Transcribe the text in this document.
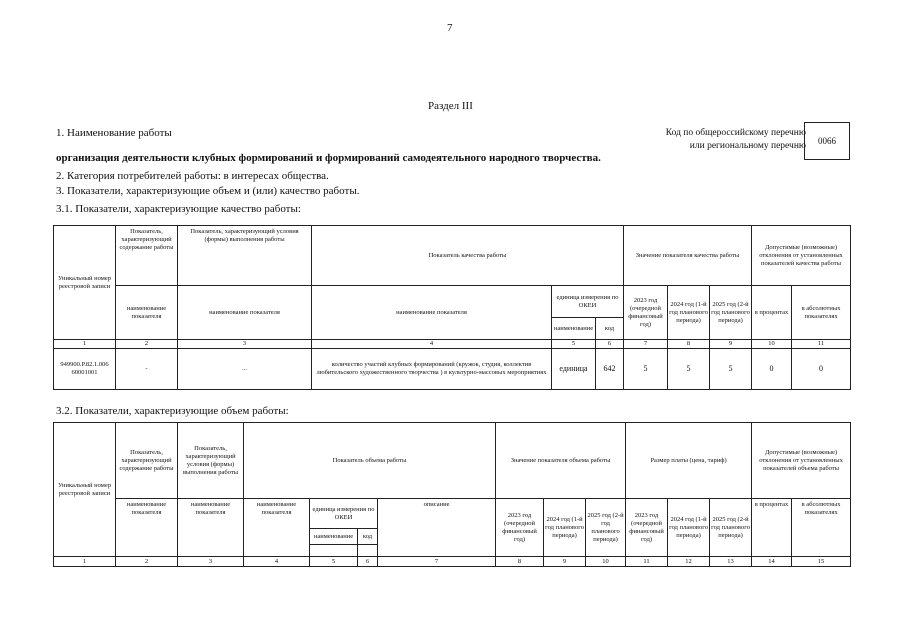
7
Раздел III
1. Наименование работы	Код по общероссийскому перечню или региональному перечню 0066
организация деятельности клубных формирований и формирований самодеятельного народного творчества.
2. Категория потребителей работы: в интересах общества.
3. Показатели, характеризующие объем и (или) качество работы.
3.1. Показатели, характеризующие качество работы:
Уникальный номер реестровой записи	Показатель, характеризующий содержание работы	Показатель, характеризующий условия (формы) выполнения работы	Показатель качества работы			Значение показателя качества работы			Допустимые (возможные) отклонения от установленных показателей качества работы	
	наименование показателя	наименование показателя	наименование показателя	единица измерения по ОКЕИ		2023 год (очередной финансовый год)	2024 год (1-й год планового периода)	2025 год (2-й год планового периода)	в процентах	в абсолютных показателях
				наименование	код					
1	2	3	4	5	6	7	8	9	10	11
949900.Р.82.1.006 60001001	-	...	количество участий клубных формирований (кружок, студия, коллектив любительского художественного творчества ) в культурно-массовых мероприятиях	единица	642	5	5	5	0	0
3.2. Показатели, характеризующие объем работы:
Уникальный номер реестровой записи	Показатель, характеризующий содержание работы	Показатель, характеризующий условия (формы) выполнения работы	Показатель объема работы				Значение показателя объема работы			Размер платы (цена, тариф)			Допустимые (возможные) отклонения от установленных показателей объема работы	
	наименование показателя	наименование показателя	наименование показателя	единица измерения по ОКЕИ		описание	2023 год (очередной финансовый год)	2024 год (1-й год планового периода)	2025 год (2-й год планового периода)	2023 год (очередной финансовый год)	2024 год (1-й год планового периода)	2025 год (2-й год планового периода)	в процентах	в абсолютных показателях
				наименование	код									

1	2	3	4	5	6	7	8	9	10	11	12	13	14	15
